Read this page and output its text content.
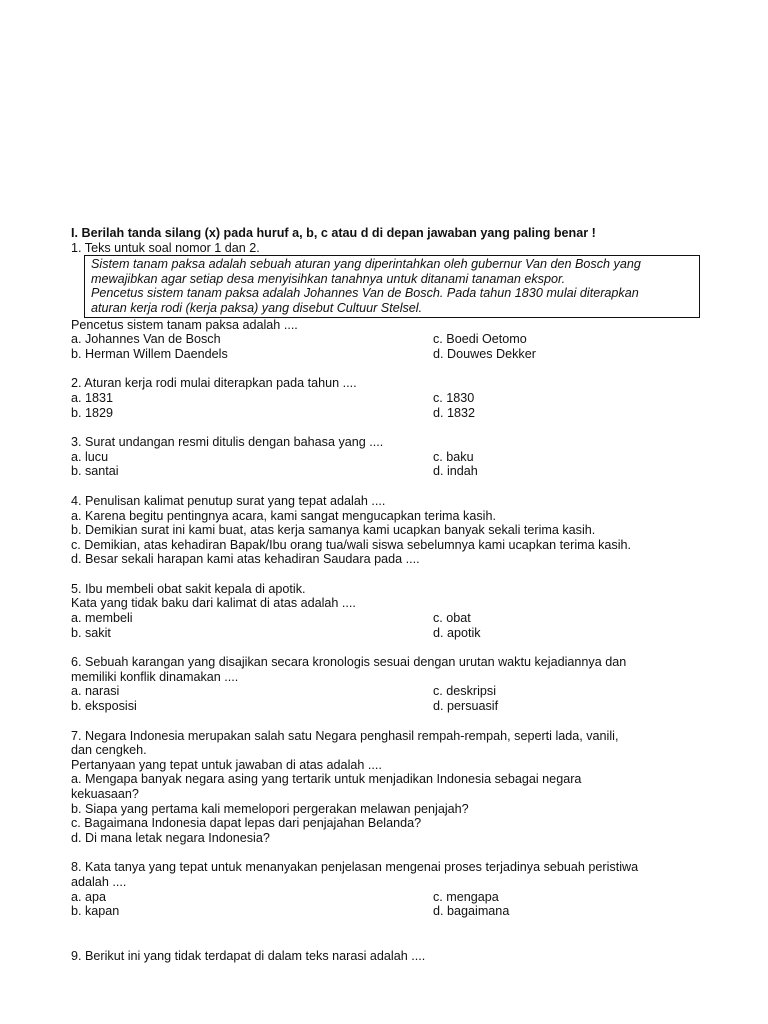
I. Berilah tanda silang (x) pada huruf a, b, c atau d di depan jawaban yang paling benar !

1. Teks untuk soal nomor 1 dan 2.

Sistem tanam paksa adalah sebuah aturan yang diperintahkan oleh gubernur Van den Bosch yang

mewajibkan agar setiap desa menyisihkan tanahnya untuk ditanami tanaman ekspor.

Pencetus sistem tanam paksa adalah Johannes Van de Bosch. Pada tahun 1830 mulai diterapkan

aturan kerja rodi (kerja paksa) yang disebut Cultuur Stelsel.

Pencetus sistem tanam paksa adalah ....

a. Johannes Van de Bosch	c. Boedi Oetomo

b. Herman Willem Daendels	d. Douwes Dekker

2. Aturan kerja rodi mulai diterapkan pada tahun ....

a. 1831	c. 1830

b. 1829	d. 1832

3. Surat undangan resmi ditulis dengan bahasa yang ....

a. lucu	c. baku

b. santai	d. indah

4. Penulisan kalimat penutup surat yang tepat adalah ....

a. Karena begitu pentingnya acara, kami sangat mengucapkan terima kasih.

b. Demikian surat ini kami buat, atas kerja samanya kami ucapkan banyak sekali terima kasih.

c. Demikian, atas kehadiran Bapak/Ibu orang tua/wali siswa sebelumnya kami ucapkan terima kasih.

d. Besar sekali harapan kami atas kehadiran Saudara pada ....

5. Ibu membeli obat sakit kepala di apotik.

Kata yang tidak baku dari kalimat di atas adalah ....

a. membeli	c. obat

b. sakit	d. apotik

6. Sebuah karangan yang disajikan secara kronologis sesuai dengan urutan waktu kejadiannya dan

memiliki konflik dinamakan ....

a. narasi	c. deskripsi

b. eksposisi	d. persuasif

7. Negara Indonesia merupakan salah satu Negara penghasil rempah-rempah, seperti lada, vanili,

dan cengkeh.

Pertanyaan yang tepat untuk jawaban di atas adalah ....

a. Mengapa banyak negara asing yang tertarik untuk menjadikan Indonesia sebagai negara

kekuasaan?

b. Siapa yang pertama kali memelopori pergerakan melawan penjajah?

c. Bagaimana Indonesia dapat lepas dari penjajahan Belanda?

d. Di mana letak negara Indonesia?

8. Kata tanya yang tepat untuk menanyakan penjelasan mengenai proses terjadinya sebuah peristiwa

adalah ....

a. apa	c. mengapa

b. kapan	d. bagaimana

9. Berikut ini yang tidak terdapat di dalam teks narasi adalah ....
